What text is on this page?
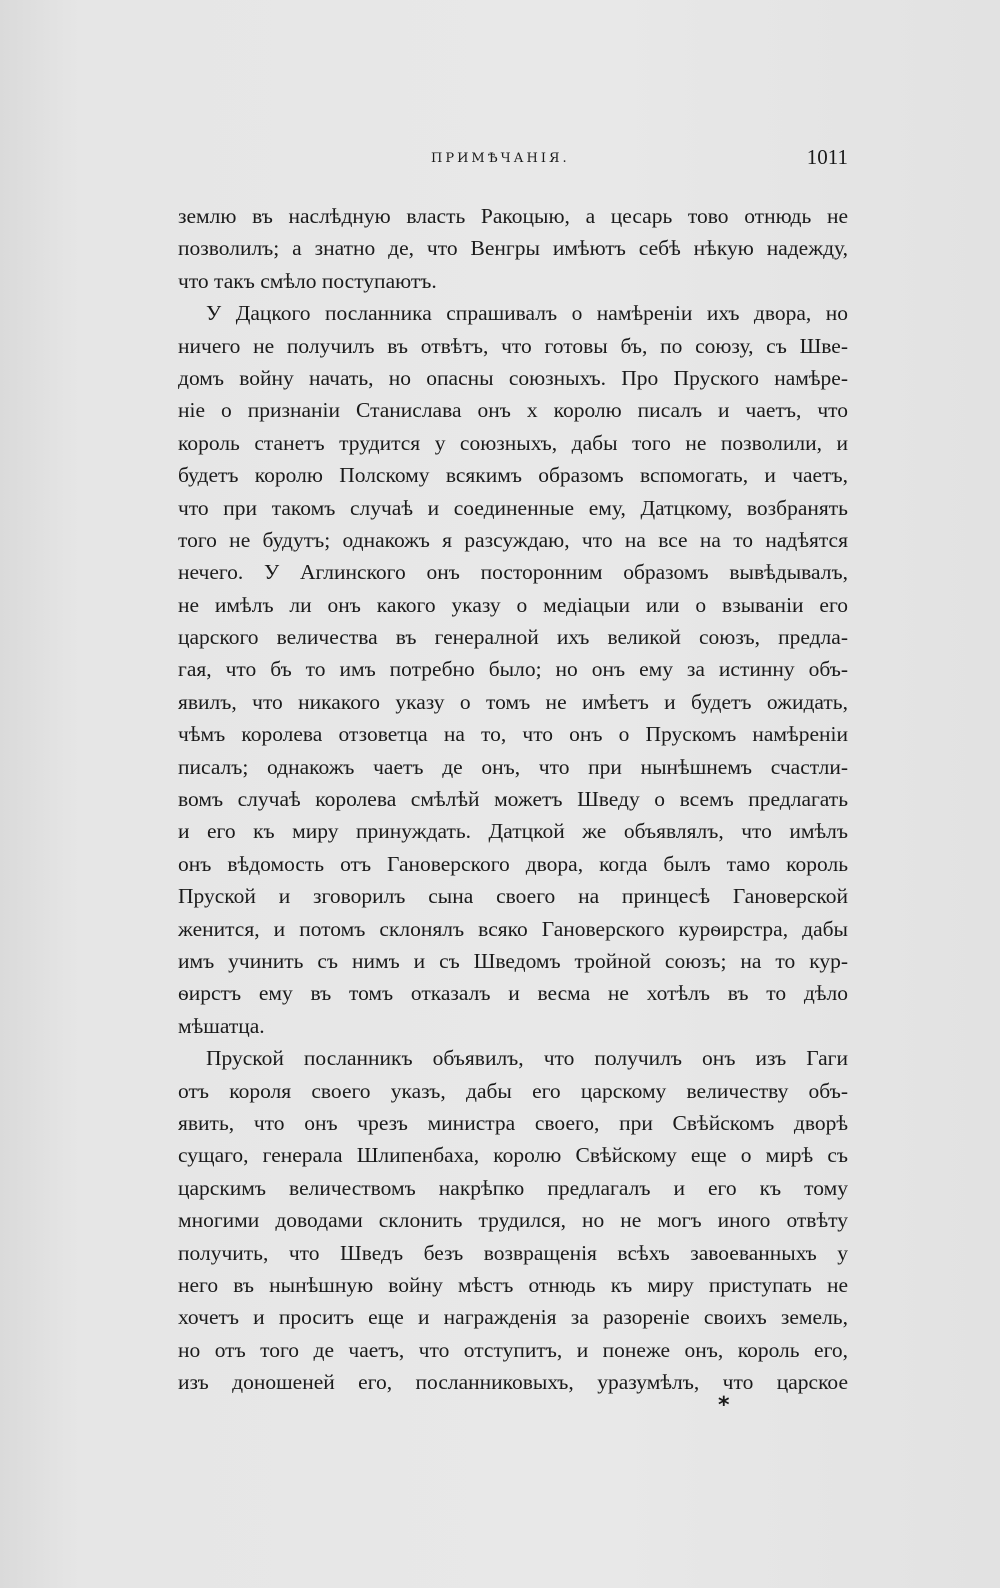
ПРИМѢЧАНІЯ.	1011
землю въ наслѣдную власть Ракоцыю, а цесарь тово отнюдь не
позволилъ; а знатно де, что Венгры имѣютъ себѣ нѣкую надежду,
что такъ смѣло поступаютъ.
У Дацкого посланника спрашивалъ о намѣреніи ихъ двора, но
ничего не получилъ въ отвѣтъ, что готовы бъ, по союзу, съ Шве-
домъ войну начать, но опасны союзныхъ. Про Пруского намѣре-
ніе о признаніи Станислава онъ х королю писалъ и чаетъ, что
король станетъ трудится у союзныхъ, дабы того не позволили, и
будетъ королю Полскому всякимъ образомъ вспомогать, и чаетъ,
что при такомъ случаѣ и соединенные ему, Датцкому, возбранять
того не будутъ; однакожъ я разсуждаю, что на все на то надѣятся
нечего. У Аглинского онъ посторонним образомъ вывѣдывалъ,
не имѣлъ ли онъ какого указу о медіацыи или о взываніи его
царского величества въ генералной ихъ великой союзъ, предла-
гая, что бъ то имъ потребно было; но онъ ему за истинну объ-
явилъ, что никакого указу о томъ не имѣетъ и будетъ ожидать,
чѣмъ королева отзоветца на то, что онъ о Прускомъ намѣреніи
писалъ; однакожъ чаетъ де онъ, что при нынѣшнемъ счастли-
вомъ случаѣ королева смѣлѣй можетъ Шведу о всемъ предлагать
и его къ миру принуждать. Датцкой же объявлялъ, что имѣлъ
онъ вѣдомость отъ Гановерского двора, когда былъ тамо король
Пруской и зговорилъ сына своего на принцесѣ Гановерской
женится, и потомъ склонялъ всяко Гановерского курѳирстра, дабы
имъ учинить съ нимъ и съ Шведомъ тройной союзъ; на то кур-
ѳирстъ ему въ томъ отказалъ и весма не хотѣлъ въ то дѣло
мѣшатца.
Пруской посланникъ объявилъ, что получилъ онъ изъ Гаги
отъ короля своего указъ, дабы его царскому величеству объ-
явить, что онъ чрезъ министра своего, при Свѣйскомъ дворѣ
сущаго, генерала Шлипенбаха, королю Свѣйскому еще о мирѣ съ
царскимъ величествомъ накрѣпко предлагалъ и его къ тому
многими доводами склонить трудился, но не могъ иного отвѣту
получить, что Шведъ безъ возвращенія всѣхъ завоеванныхъ у
него въ нынѣшную войну мѣстъ отнюдь къ миру приступать не
хочетъ и проситъ еще и награжденія за разореніе своихъ земель,
но отъ того де чаетъ, что отступитъ, и понеже онъ, король его,
изъ доношеней его, посланниковыхъ, уразумѣлъ, что царское
*
